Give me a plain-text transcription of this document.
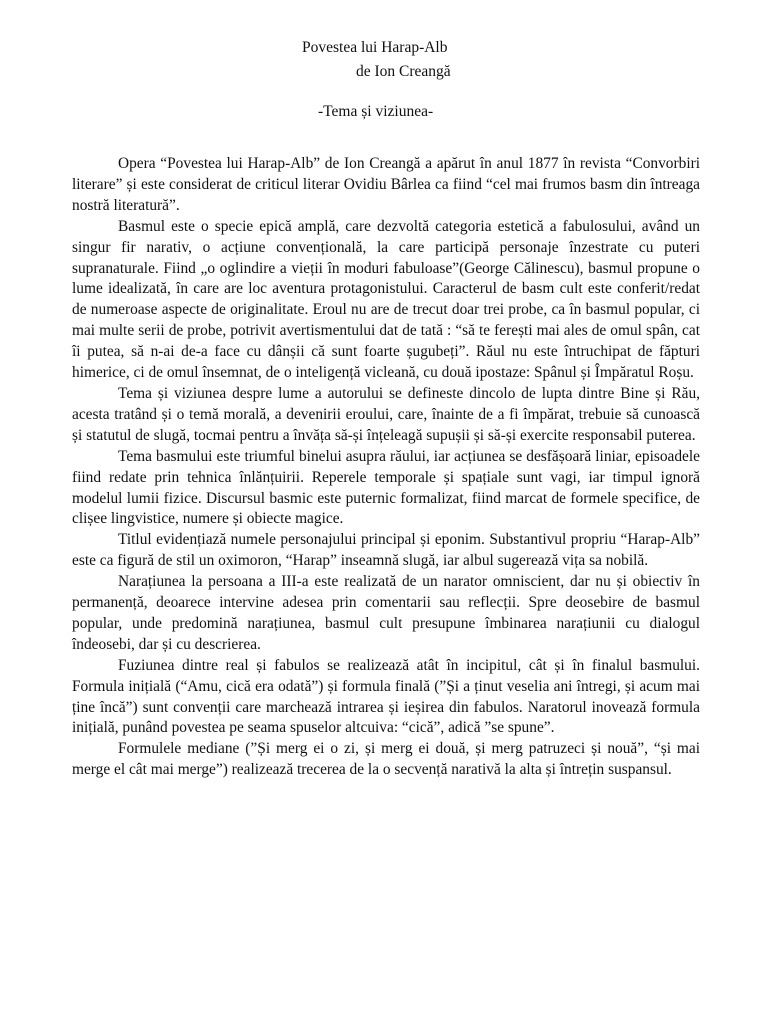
Povestea lui Harap-Alb
de Ion Creangă
-Tema și viziunea-

Opera “Povestea lui Harap-Alb” de Ion Creangă a apărut în anul 1877 în revista “Convorbiri literare” și este considerat de criticul literar Ovidiu Bârlea ca fiind “cel mai frumos basm din întreaga nostră literatură”.

Basmul este o specie epică amplă, care dezvoltă categoria estetică a fabulosului, având un singur fir narativ, o acțiune convențională, la care participă personaje înzestrate cu puteri supranaturale. Fiind „o oglindire a vieții în moduri fabuloase”(George Călinescu), basmul propune o lume idealizată, în care are loc aventura protagonistului. Caracterul de basm cult este conferit/redat de numeroase aspecte de originalitate. Eroul nu are de trecut doar trei probe, ca în basmul popular, ci mai multe serii de probe, potrivit avertismentului dat de tată : “să te ferești mai ales de omul spân, cat îi putea, să n-ai de-a face cu dânșii că sunt foarte șugubeți”. Răul nu este întruchipat de făpturi himerice, ci de omul însemnat, de o inteligență vicleană, cu două ipostaze: Spânul și Împăratul Roșu.

Tema și viziunea despre lume a autorului se defineste dincolo de lupta dintre Bine și Rău, acesta tratând și o temă morală, a devenirii eroului, care, înainte de a fi împărat, trebuie să cunoască și statutul de slugă, tocmai pentru a învăța să-și înțeleagă supușii și să-și exercite responsabil puterea.

Tema basmului este triumful binelui asupra răului, iar acțiunea se desfășoară liniar, episoadele fiind redate prin tehnica înlănțuirii. Reperele temporale și spațiale sunt vagi, iar timpul ignoră modelul lumii fizice. Discursul basmic este puternic formalizat, fiind marcat de formele specifice, de clișee lingvistice, numere și obiecte magice.

Titlul evidențiază numele personajului principal și eponim. Substantivul propriu “Harap-Alb” este ca figură de stil un oximoron, “Harap” inseamnă slugă, iar albul sugerează vița sa nobilă.

Narațiunea la persoana a III-a este realizată de un narator omniscient, dar nu și obiectiv în permanență, deoarece intervine adesea prin comentarii sau reflecții. Spre deosebire de basmul popular, unde predomină narațiunea, basmul cult presupune îmbinarea narațiunii cu dialogul îndeosebi, dar și cu descrierea.

Fuziunea dintre real și fabulos se realizează atât în incipitul, cât și în finalul basmului. Formula inițială (“Amu, cică era odată”) și formula finală (”Și a ținut veselia ani întregi, și acum mai ține încă”) sunt convenții care marchează intrarea și ieșirea din fabulos. Naratorul inovează formula inițială, punând povestea pe seama spuselor altcuiva: “cică”, adică ”se spune”.

Formulele mediane (”Și merg ei o zi, și merg ei două, și merg patruzeci și nouă”, “și mai merge el cât mai merge”) realizează trecerea de la o secvență narativă la alta și întrețin suspansul.
